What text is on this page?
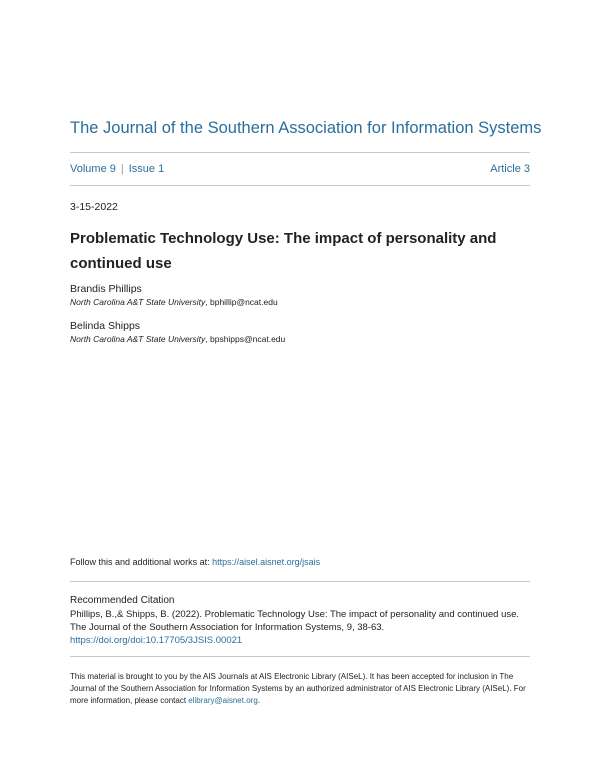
The Journal of the Southern Association for Information Systems
Volume 9 | Issue 1	Article 3
3-15-2022
Problematic Technology Use: The impact of personality and continued use
Brandis Phillips
North Carolina A&T State University, bphillip@ncat.edu
Belinda Shipps
North Carolina A&T State University, bpshipps@ncat.edu
Follow this and additional works at: https://aisel.aisnet.org/jsais
Recommended Citation
Phillips, B.,& Shipps, B. (2022). Problematic Technology Use: The impact of personality and continued use. The Journal of the Southern Association for Information Systems, 9, 38-63. https://doi.org/doi:10.17705/3JSIS.00021
This material is brought to you by the AIS Journals at AIS Electronic Library (AISeL). It has been accepted for inclusion in The Journal of the Southern Association for Information Systems by an authorized administrator of AIS Electronic Library (AISeL). For more information, please contact elibrary@aisnet.org.
